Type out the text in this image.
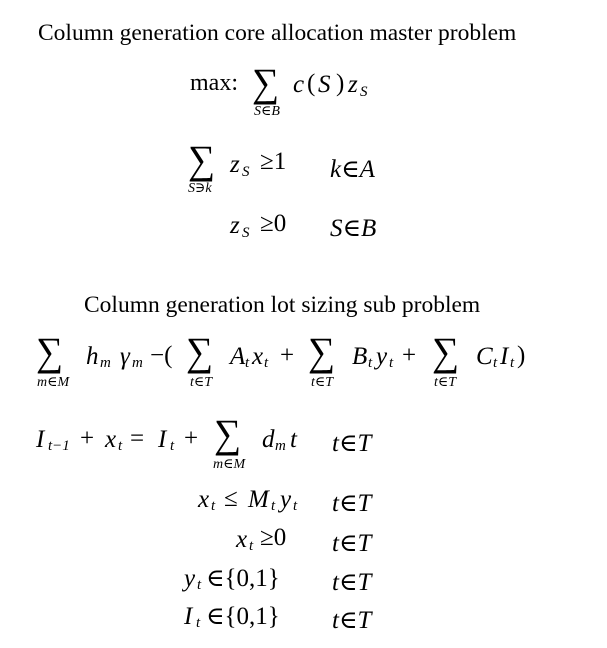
Column generation core allocation master problem
max: ∑
S∈B
c ( S ) z S
∑
S∋k
z S ≥1 k∈A
z S ≥0 S∈B
Column generation lot sizing sub problem
∑
m∈M
h m γ m −( ∑
t∈T
A t x t + ∑
t∈T
B t y t + ∑
t∈T
C t I t )
I t−1 + x t = I t + ∑
m∈M
d m t t∈T
x t ≤ M t y t t∈T
x t ≥0 t∈T
y t ∈{0,1} t∈T
I t ∈{0,1} t∈T
